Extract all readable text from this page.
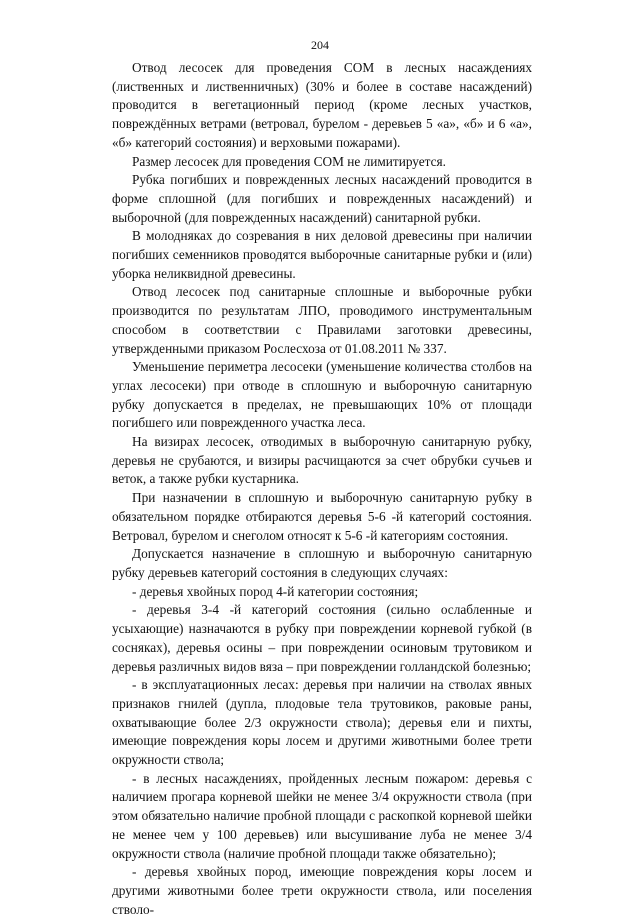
204

Отвод лесосек для проведения СОМ в лесных насаждениях (лиственных и лиственничных) (30% и более в составе насаждений) проводится в вегетационный период (кроме лесных участков, повреждённых ветрами (ветровал, бурелом - деревьев 5 «а», «б» и 6 «а», «б» категорий состояния) и верховыми пожарами).

Размер лесосек для проведения СОМ не лимитируется.

Рубка погибших и поврежденных лесных насаждений проводится в форме сплошной (для погибших и поврежденных насаждений) и выборочной (для поврежденных насаждений) санитарной рубки.

В молодняках до созревания в них деловой древесины при наличии погибших семенников проводятся выборочные санитарные рубки и (или) уборка неликвидной древесины.

Отвод лесосек под санитарные сплошные и выборочные рубки производится по результатам ЛПО, проводимого инструментальным способом в соответствии с Правилами заготовки древесины, утвержденными приказом Рослесхоза от 01.08.2011 № 337.

Уменьшение периметра лесосеки (уменьшение количества столбов на углах лесосеки) при отводе в сплошную и выборочную санитарную рубку допускается в пределах, не превышающих 10% от площади погибшего или поврежденного участка леса.

На визирах лесосек, отводимых в выборочную санитарную рубку, деревья не срубаются, и визиры расчищаются за счет обрубки сучьев и веток, а также рубки кустарника.

При назначении в сплошную и выборочную санитарную рубку в обязательном порядке отбираются деревья 5-6 -й категорий состояния. Ветровал, бурелом и снеголом относят к 5-6 -й категориям состояния.

Допускается назначение в сплошную и выборочную санитарную рубку деревьев категорий состояния в следующих случаях:

- деревья хвойных пород 4-й категории состояния;

- деревья 3-4 -й категорий состояния (сильно ослабленные и усыхающие) назначаются в рубку при повреждении корневой губкой (в сосняках), деревья осины – при повреждении осиновым трутовиком и деревья различных видов вяза – при повреждении голландской болезнью;

- в эксплуатационных лесах: деревья при наличии на стволах явных признаков гнилей (дупла, плодовые тела трутовиков, раковые раны, охватывающие более 2/3 окружности ствола); деревья ели и пихты, имеющие повреждения коры лосем и другими животными более трети окружности ствола;

- в лесных насаждениях, пройденных лесным пожаром: деревья с наличием прогара корневой шейки не менее 3/4 окружности ствола (при этом обязательно наличие пробной площади с раскопкой корневой шейки не менее чем у 100 деревьев) или высушивание луба не менее 3/4 окружности ствола (наличие пробной площади также обязательно);

- деревья хвойных пород, имеющие повреждения коры лосем и другими животными более трети окружности ствола, или поселения стволо-
